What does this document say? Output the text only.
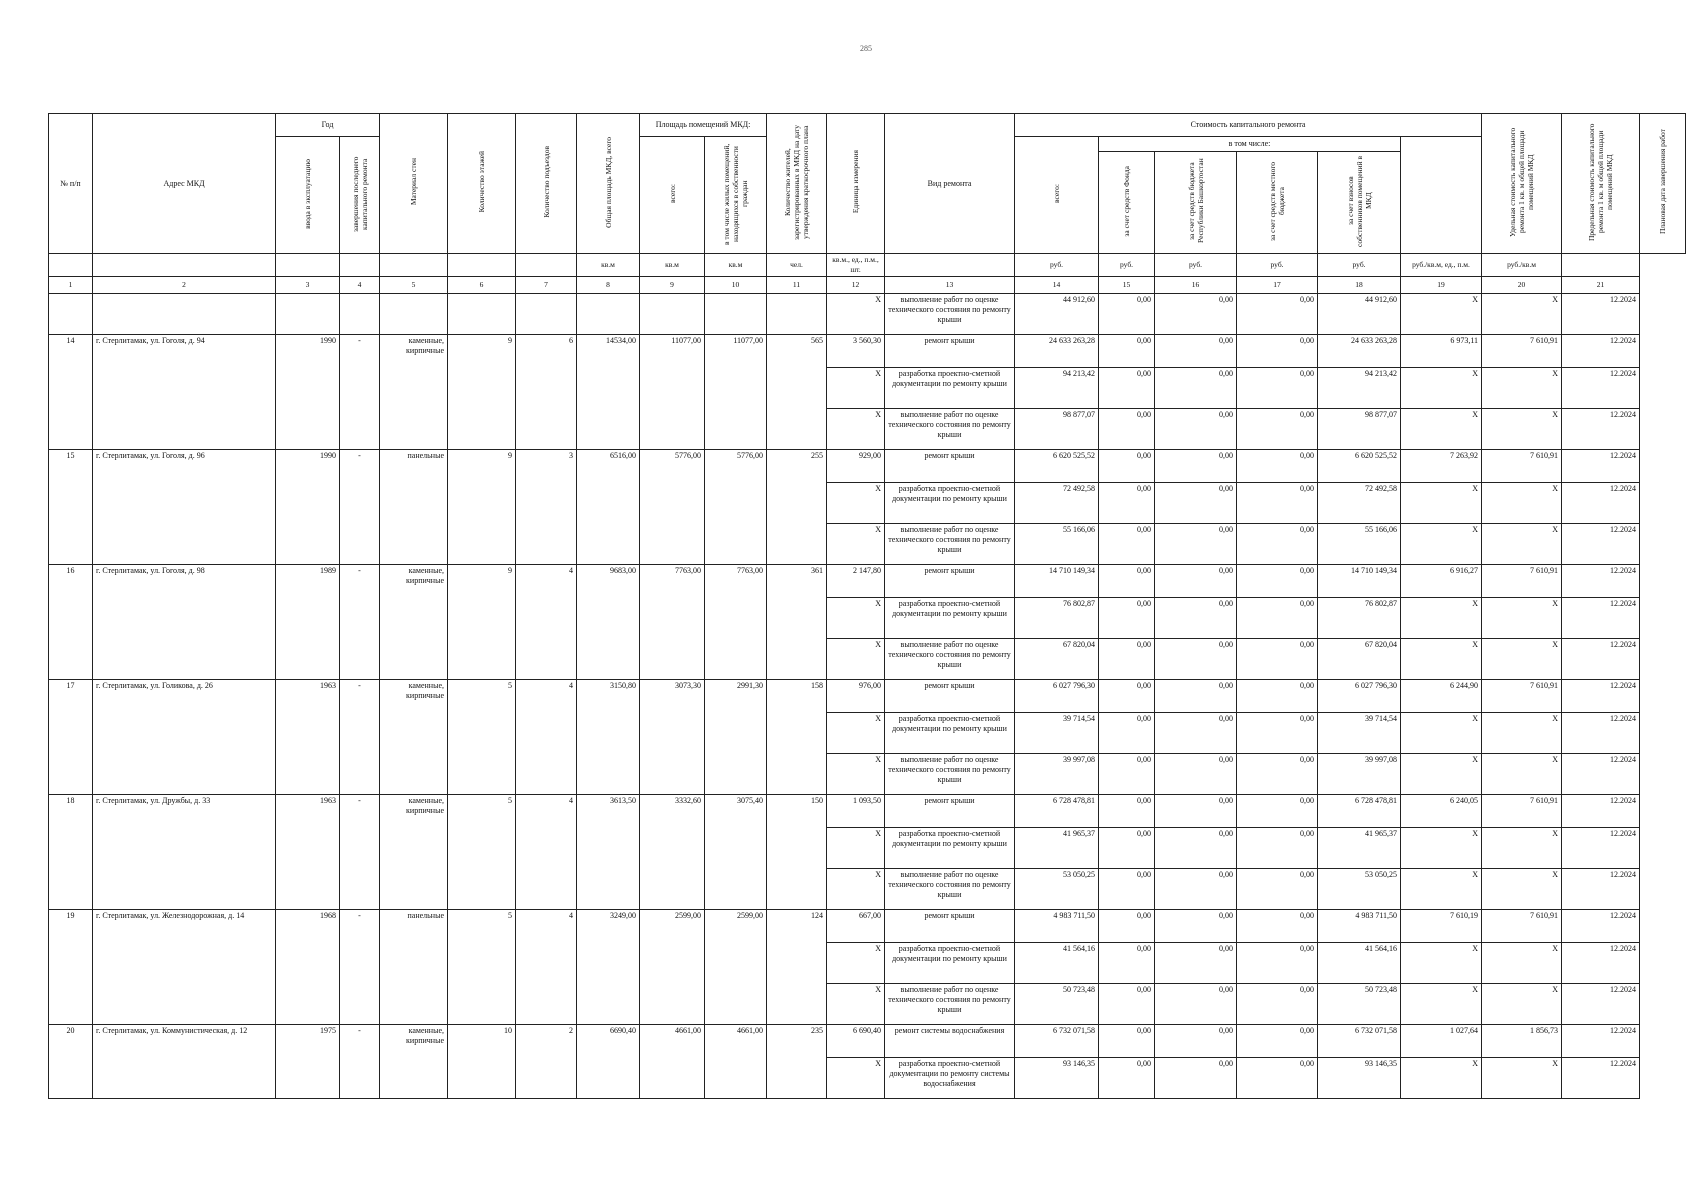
285
№ п/п	Адрес МКД	Год		Материал стен	Количество этажей	Количество подъездов	Общая площадь МКД, всего	Площадь помещений МКД:		Количество жителей, зарегистрированных в МКД на дату утверждения краткосрочного плана	Единица измерения	Вид ремонта	Стоимость капитального ремонта						Удельная стоимость капитального ремонта 1 кв. м общей площади помещений МКД	Предельная стоимость капитального ремонта 1 кв. м общей площади помещений МКД	Плановая дата завершения работ
		ввода в эксплуатацию	завершения последнего капитального ремонта					всего:	в том числе жилых помещений, находящихся в собственности граждан				всего:	в том числе:							
														за счет средств Фонда	за счет средств бюджета Республики Башкортостан	за счет средств местного бюджета	за счет взносов собственников помещений в МКД				
							кв.м	кв.м	кв.м	чел.	кв.м., ед., п.м., шт.		руб.	руб.	руб.	руб.	руб.	руб./кв.м, ед., п.м.	руб./кв.м		
1	2	3	4	5	6	7	8	9	10	11	12	13	14	15	16	17	18	19	20	21	
											Х	выполнение работ по оценке технического состояния по ремонту крыши	44 912,60	0,00	0,00	0,00	44 912,60	Х	Х	12.2024	
14	г. Стерлитамак, ул. Гоголя, д. 94	1990	-	каменные, кирпичные	9	6	14534,00	11077,00	11077,00	565	3 560,30	ремонт крыши	24 633 263,28	0,00	0,00	0,00	24 633 263,28	6 973,11	7 610,91	12.2024	
											Х	разработка проектно-сметной документации по ремонту крыши	94 213,42	0,00	0,00	0,00	94 213,42	Х	Х	12.2024	
											Х	выполнение работ по оценке технического состояния по ремонту крыши	98 877,07	0,00	0,00	0,00	98 877,07	Х	Х	12.2024	
15	г. Стерлитамак, ул. Гоголя, д. 96	1990	-	панельные	9	3	6516,00	5776,00	5776,00	255	929,00	ремонт крыши	6 620 525,52	0,00	0,00	0,00	6 620 525,52	7 263,92	7 610,91	12.2024	
											Х	разработка проектно-сметной документации по ремонту крыши	72 492,58	0,00	0,00	0,00	72 492,58	Х	Х	12.2024	
											Х	выполнение работ по оценке технического состояния по ремонту крыши	55 166,06	0,00	0,00	0,00	55 166,06	Х	Х	12.2024	
16	г. Стерлитамак, ул. Гоголя, д. 98	1989	-	каменные, кирпичные	9	4	9683,00	7763,00	7763,00	361	2 147,80	ремонт крыши	14 710 149,34	0,00	0,00	0,00	14 710 149,34	6 916,27	7 610,91	12.2024	
											Х	разработка проектно-сметной документации по ремонту крыши	76 802,87	0,00	0,00	0,00	76 802,87	Х	Х	12.2024	
											Х	выполнение работ по оценке технического состояния по ремонту крыши	67 820,04	0,00	0,00	0,00	67 820,04	Х	Х	12.2024	
17	г. Стерлитамак, ул. Голикова, д. 26	1963	-	каменные, кирпичные	5	4	3150,80	3073,30	2991,30	158	976,00	ремонт крыши	6 027 796,30	0,00	0,00	0,00	6 027 796,30	6 244,90	7 610,91	12.2024	
											Х	разработка проектно-сметной документации по ремонту крыши	39 714,54	0,00	0,00	0,00	39 714,54	Х	Х	12.2024	
											Х	выполнение работ по оценке технического состояния по ремонту крыши	39 997,08	0,00	0,00	0,00	39 997,08	Х	Х	12.2024	
18	г. Стерлитамак, ул. Дружбы, д. 33	1963	-	каменные, кирпичные	5	4	3613,50	3332,60	3075,40	150	1 093,50	ремонт крыши	6 728 478,81	0,00	0,00	0,00	6 728 478,81	6 240,05	7 610,91	12.2024	
											Х	разработка проектно-сметной документации по ремонту крыши	41 965,37	0,00	0,00	0,00	41 965,37	Х	Х	12.2024	
											Х	выполнение работ по оценке технического состояния по ремонту крыши	53 050,25	0,00	0,00	0,00	53 050,25	Х	Х	12.2024	
19	г. Стерлитамак, ул. Железнодорожная, д. 14	1968	-	панельные	5	4	3249,00	2599,00	2599,00	124	667,00	ремонт крыши	4 983 711,50	0,00	0,00	0,00	4 983 711,50	7 610,19	7 610,91	12.2024	
											Х	разработка проектно-сметной документации по ремонту крыши	41 564,16	0,00	0,00	0,00	41 564,16	Х	Х	12.2024	
											Х	выполнение работ по оценке технического состояния по ремонту крыши	50 723,48	0,00	0,00	0,00	50 723,48	Х	Х	12.2024	
20	г. Стерлитамак, ул. Коммунистическая, д. 12	1975	-	каменные, кирпичные	10	2	6690,40	4661,00	4661,00	235	6 690,40	ремонт системы водоснабжения	6 732 071,58	0,00	0,00	0,00	6 732 071,58	1 027,64	1 856,73	12.2024	
											Х	разработка проектно-сметной документации по ремонту системы водоснабжения	93 146,35	0,00	0,00	0,00	93 146,35	Х	Х	12.2024	
